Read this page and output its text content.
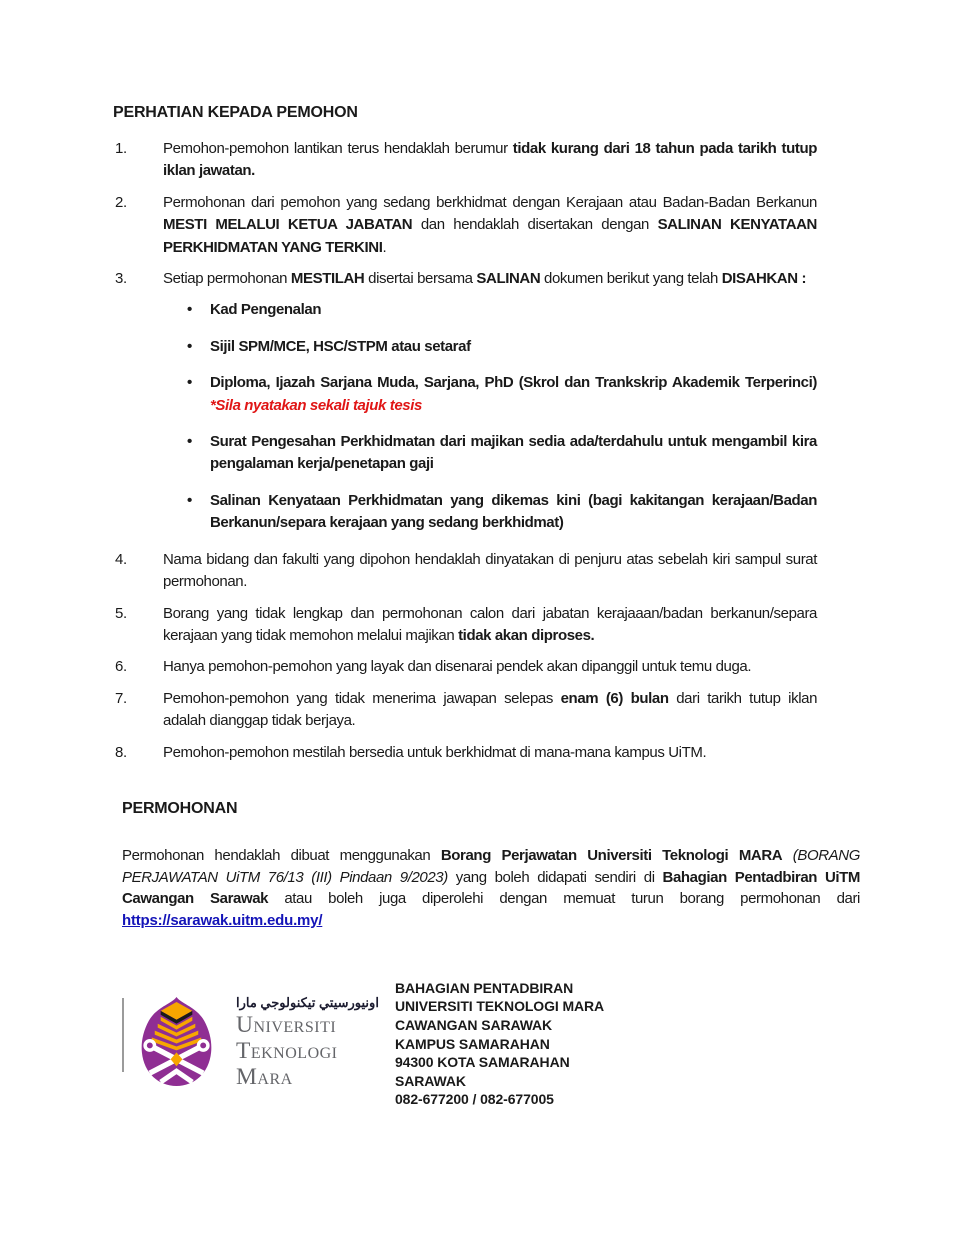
PERHATIAN KEPADA PEMOHON
1.	Pemohon-pemohon lantikan terus hendaklah berumur tidak kurang dari 18 tahun pada tarikh tutup iklan jawatan.
2.	Permohonan dari pemohon yang sedang berkhidmat dengan Kerajaan atau Badan-Badan Berkanun MESTI MELALUI KETUA JABATAN dan hendaklah disertakan dengan SALINAN KENYATAAN PERKHIDMATAN YANG TERKINI.
3.	Setiap permohonan MESTILAH disertai bersama SALINAN dokumen berikut yang telah DISAHKAN :
•	Kad Pengenalan
•	Sijil SPM/MCE, HSC/STPM atau setaraf
•	Diploma, Ijazah Sarjana Muda, Sarjana, PhD (Skrol dan Trankskrip Akademik Terperinci) *Sila nyatakan sekali tajuk tesis
•	Surat Pengesahan Perkhidmatan dari majikan sedia ada/terdahulu untuk mengambil kira pengalaman kerja/penetapan gaji
•	Salinan Kenyataan Perkhidmatan yang dikemas kini (bagi kakitangan kerajaan/Badan Berkanun/separa kerajaan yang sedang berkhidmat)
4.	Nama bidang dan fakulti yang dipohon hendaklah dinyatakan di penjuru atas sebelah kiri sampul surat permohonan.
5.	Borang yang tidak lengkap dan permohonan calon dari jabatan kerajaaan/badan berkanun/separa kerajaan yang tidak memohon melalui majikan tidak akan diproses.
6.	Hanya pemohon-pemohon yang layak dan disenarai pendek akan dipanggil untuk temu duga.
7.	Pemohon-pemohon yang tidak menerima jawapan selepas enam (6) bulan dari tarikh tutup iklan adalah dianggap tidak berjaya.
8.	Pemohon-pemohon mestilah bersedia untuk berkhidmat di mana-mana kampus UiTM.
PERMOHONAN
Permohonan hendaklah dibuat menggunakan Borang Perjawatan Universiti Teknologi MARA (BORANG PERJAWATAN UiTM 76/13 (III) Pindaan 9/2023) yang boleh didapati sendiri di Bahagian Pentadbiran UiTM Cawangan Sarawak atau boleh juga diperolehi dengan memuat turun borang permohonan dari https://sarawak.uitm.edu.my/
اونيورسيتي تيكنولوجي مارا
Universiti
Teknologi
Mara
BAHAGIAN PENTADBIRAN
UNIVERSITI TEKNOLOGI MARA
CAWANGAN SARAWAK
KAMPUS SAMARAHAN
94300 KOTA SAMARAHAN
SARAWAK
082-677200 / 082-677005
